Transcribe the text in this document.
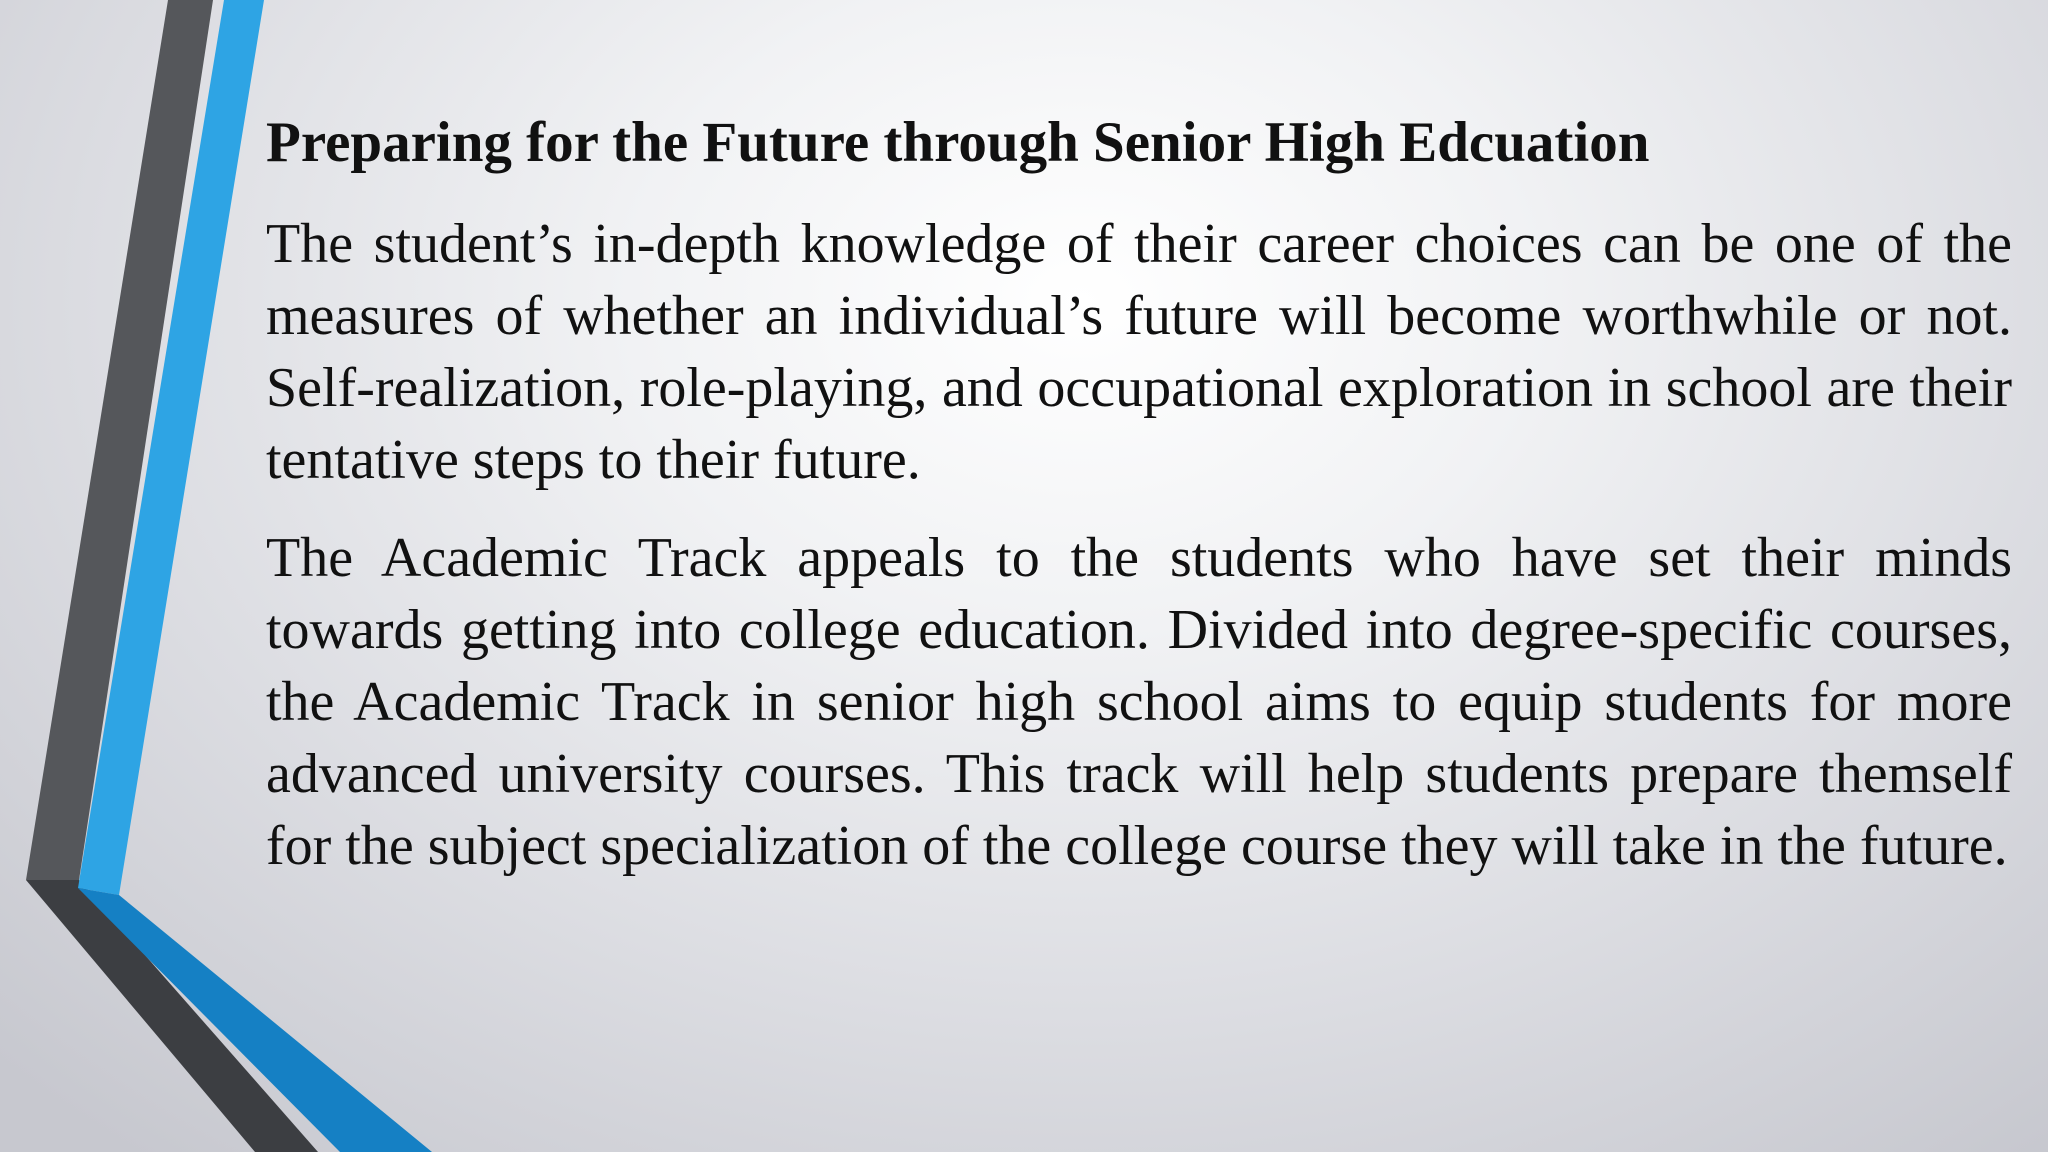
Preparing for the Future through Senior High Edcuation

The student’s in-depth knowledge of their career choices can be one of the measures of whether an individual’s future will become worthwhile or not. Self-realization, role-playing, and occupational exploration in school are their tentative steps to their future.

The Academic Track appeals to the students who have set their minds towards getting into college education. Divided into degree-specific courses, the Academic Track in senior high school aims to equip students for more advanced university courses. This track will help students prepare themself for the subject specialization of the college course they will take in the future.
